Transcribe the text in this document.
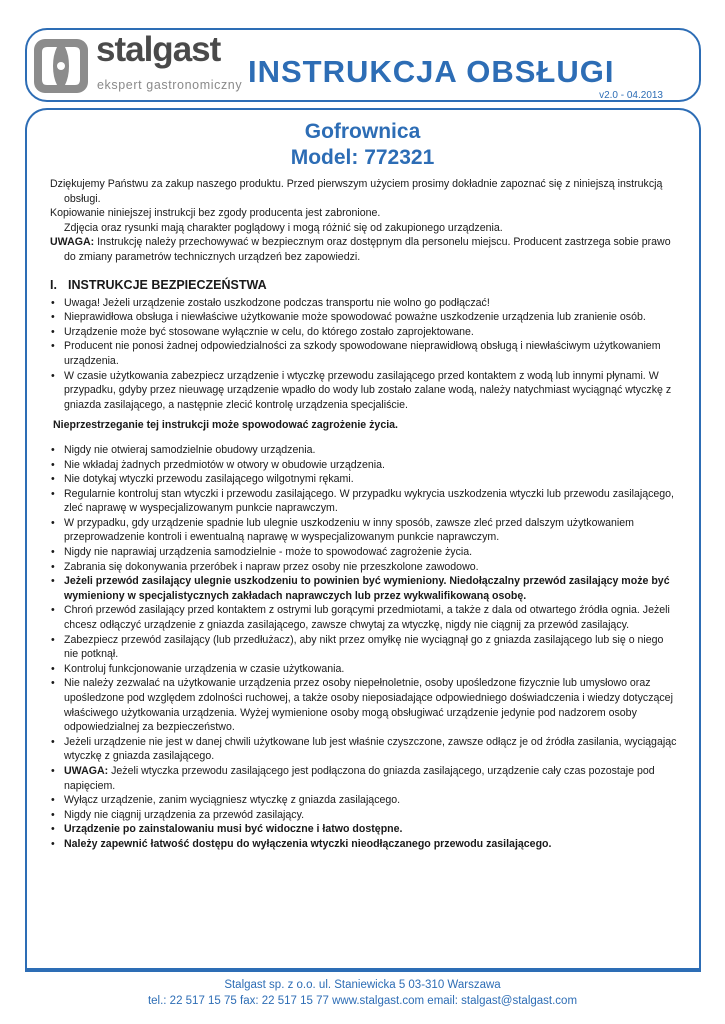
stalgast
ekspert gastronomiczny INSTRUKCJA OBSŁUGI
v2.0 - 04.2013
Gofrownica
Model: 772321

Dziękujemy Państwu za zakup naszego produktu. Przed pierwszym użyciem prosimy dokładnie zapoznać się z niniejszą instrukcją obsługi.

Kopiowanie niniejszej instrukcji bez zgody producenta jest zabronione.

Zdjęcia oraz rysunki mają charakter poglądowy i mogą różnić się od zakupionego urządzenia.

UWAGA: Instrukcję należy przechowywać w bezpiecznym oraz dostępnym dla personelu miejscu. Producent zastrzega sobie prawo do zmiany parametrów technicznych urządzeń bez zapowiedzi.

I. INSTRUKCJE BEZPIECZEŃSTWA

• Uwaga! Jeżeli urządzenie zostało uszkodzone podczas transportu nie wolno go podłączać!
• Nieprawidłowa obsługa i niewłaściwe użytkowanie może spowodować poważne uszkodzenie urządzenia lub zranienie osób.
• Urządzenie może być stosowane wyłącznie w celu, do którego zostało zaprojektowane.
• Producent nie ponosi żadnej odpowiedzialności za szkody spowodowane nieprawidłową obsługą i niewłaściwym użytkowaniem urządzenia.
• W czasie użytkowania zabezpiecz urządzenie i wtyczkę przewodu zasilającego przed kontaktem z wodą lub innymi płynami. W przypadku, gdyby przez nieuwagę urządzenie wpadło do wody lub zostało zalane wodą, należy natychmiast wyciągnąć wtyczkę z gniazda zasilającego, a następnie zlecić kontrolę urządzenia specjaliście.

Nieprzestrzeganie tej instrukcji może spowodować zagrożenie życia.

• Nigdy nie otwieraj samodzielnie obudowy urządzenia.
• Nie wkładaj żadnych przedmiotów w otwory w obudowie urządzenia.
• Nie dotykaj wtyczki przewodu zasilającego wilgotnymi rękami.
• Regularnie kontroluj stan wtyczki i przewodu zasilającego. W przypadku wykrycia uszkodzenia wtyczki lub przewodu zasilającego, zleć naprawę w wyspecjalizowanym punkcie naprawczym.
• W przypadku, gdy urządzenie spadnie lub ulegnie uszkodzeniu w inny sposób, zawsze zleć przed dalszym użytkowaniem przeprowadzenie kontroli i ewentualną naprawę w wyspecjalizowanym punkcie naprawczym.
• Nigdy nie naprawiaj urządzenia samodzielnie - może to spowodować zagrożenie życia.
• Zabrania się dokonywania przeróbek i napraw przez osoby nie przeszkolone zawodowo.
• Jeżeli przewód zasilający ulegnie uszkodzeniu to powinien być wymieniony. Niedołączalny przewód zasilający może być wymieniony w specjalistycznych zakładach naprawczych lub przez wykwalifikowaną osobę.
• Chroń przewód zasilający przed kontaktem z ostrymi lub gorącymi przedmiotami, a także z dala od otwartego źródła ognia. Jeżeli chcesz odłączyć urządzenie z gniazda zasilającego, zawsze chwytaj za wtyczkę, nigdy nie ciągnij za przewód zasilający.
• Zabezpiecz przewód zasilający (lub przedłużacz), aby nikt przez omyłkę nie wyciągnął go z gniazda zasilającego lub się o niego nie potknął.
• Kontroluj funkcjonowanie urządzenia w czasie użytkowania.
• Nie należy zezwalać na użytkowanie urządzenia przez osoby niepełnoletnie, osoby upośledzone fizycznie lub umysłowo oraz upośledzone pod względem zdolności ruchowej, a także osoby nieposiadające odpowiedniego doświadczenia i wiedzy dotyczącej właściwego użytkowania urządzenia. Wyżej wymienione osoby mogą obsługiwać urządzenie jedynie pod nadzorem osoby odpowiedzialnej za bezpieczeństwo.
• Jeżeli urządzenie nie jest w danej chwili użytkowane lub jest właśnie czyszczone, zawsze odłącz je od źródła zasilania, wyciągając wtyczkę z gniazda zasilającego.
• UWAGA: Jeżeli wtyczka przewodu zasilającego jest podłączona do gniazda zasilającego, urządzenie cały czas pozostaje pod napięciem.
• Wyłącz urządzenie, zanim wyciągniesz wtyczkę z gniazda zasilającego.
• Nigdy nie ciągnij urządzenia za przewód zasilający.
• Urządzenie po zainstalowaniu musi być widoczne i łatwo dostępne.
• Należy zapewnić łatwość dostępu do wyłączenia wtyczki nieodłączanego przewodu zasilającego.
Stalgast sp. z o.o. ul. Staniewicka 5 03-310 Warszawa
tel.: 22 517 15 75 fax: 22 517 15 77 www.stalgast.com email: stalgast@stalgast.com
